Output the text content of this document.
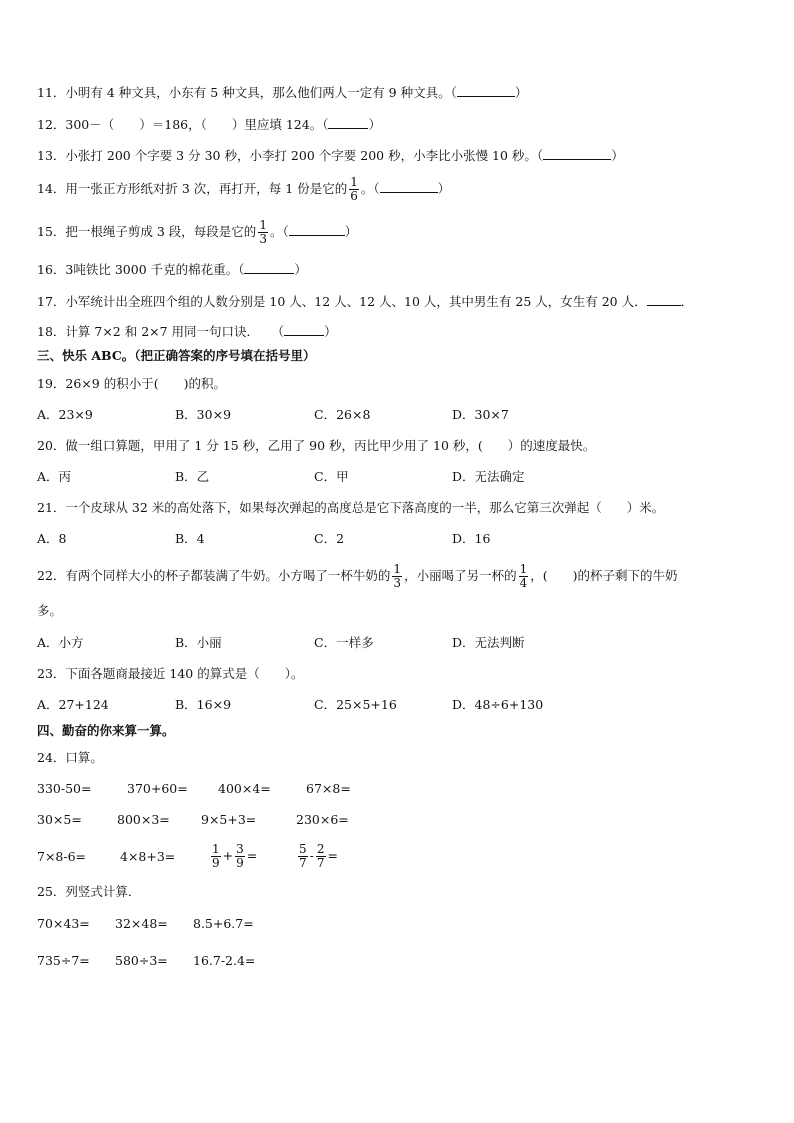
11．小明有 4 种文具，小东有 5 种文具，那么他们两人一定有 9 种文具。（	）
12．300－（　　）＝186，（　　）里应填 124。（	）
13．小张打 200 个字要 3 分 30 秒，小李打 200 个字要 200 秒，小李比小张慢 10 秒。（	）
14．用一张正方形纸对折 3 次，再打开，每 1 份是它的 $\frac{1}{6}$ 。（	）
15．把一根绳子剪成 3 段，每段是它的 $\frac{1}{3}$ 。（	）
16．3吨铁比 3000 千克的棉花重。（	）
17．小军统计出全班四个组的人数分别是 10 人、12 人、12 人、10 人，其中男生有 25 人，女生有 20 人．	．
18．计算 7×2 和 2×7 用同一句口诀．　　（	）
三、快乐 ABC。（把正确答案的序号填在括号里）
19．26×9 的积小于(　　)的积。
A．23×9	B．30×9	C．26×8	D．30×7
20．做一组口算题，甲用了 1 分 15 秒，乙用了 90 秒，丙比甲少用了 10 秒，(　　）的速度最快。
A．丙	B．乙	C．甲	D．无法确定
21．一个皮球从 32 米的高处落下，如果每次弹起的高度总是它下落高度的一半，那么它第三次弹起（　　）米。
A．8	B．4	C．2	D．16
22．有两个同样大小的杯子都装满了牛奶。小方喝了一杯牛奶的 $\frac{1}{3}$ ，小丽喝了另一杯的 $\frac{1}{4}$ ，(　　)的杯子剩下的牛奶
多。
A．小方	B．小丽	C．一样多	D．无法判断
23．下面各题商最接近 140 的算式是（　　）。
A．27+124	B．16×9	C．25×5+16	D．48÷6+130
四、勤奋的你来算一算。
24．口算。
330-50=	370+60= 400×4=	67×8=
30×5=	800×3= 9×5+3=	230×6=
7×8-6=	4×8+3=	$\frac{1}{9} + \frac{3}{9}$ =	$\frac{5}{7} - \frac{2}{7}$ =
25．列竖式计算．
70×43= 32×48= 8.5+6.7=
735÷7= 580÷3= 16.7-2.4=
